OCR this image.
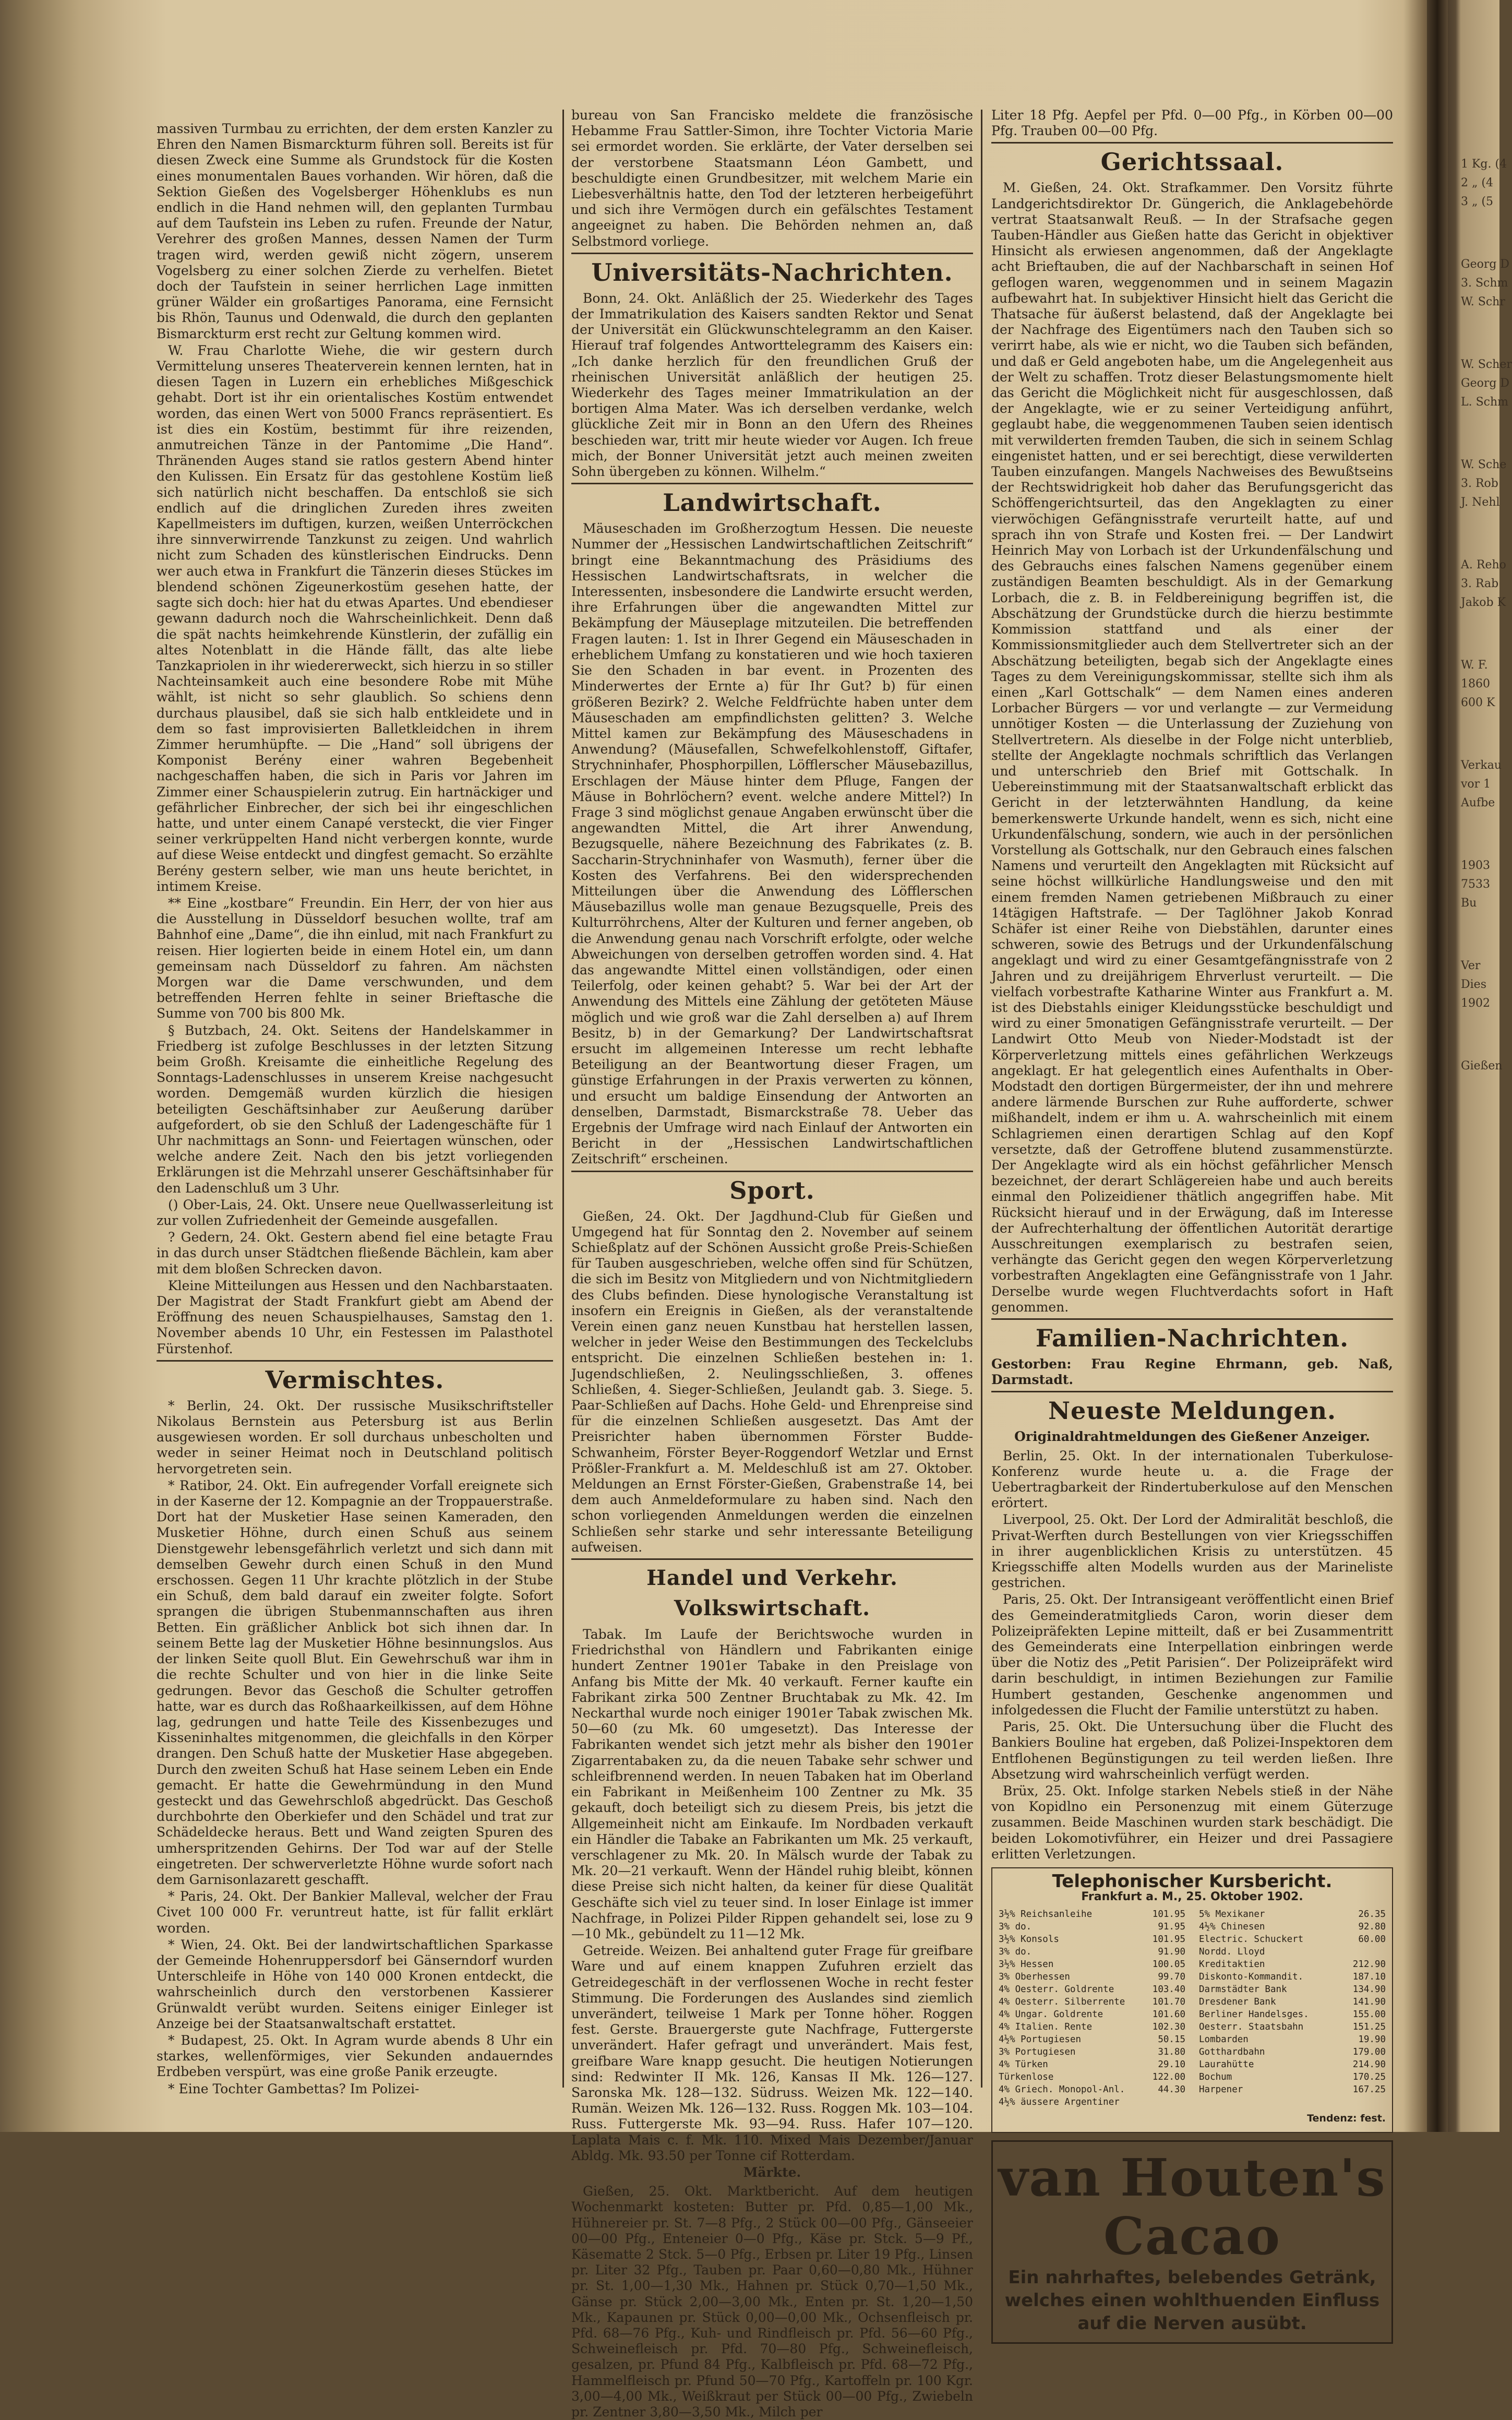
massiven Turmbau zu errichten, der dem ersten Kanzler zu Ehren den Namen Bismarckturm führen soll. Bereits ist für diesen Zweck eine Summe als Grundstock für die Kosten eines monumentalen Baues vorhanden. Wir hören, daß die Sektion Gießen des Vogelsberger Höhenklubs es nun endlich in die Hand nehmen will, den geplanten Turmbau auf dem Taufstein ins Leben zu rufen. Freunde der Natur, Verehrer des großen Mannes, dessen Namen der Turm tragen wird, werden gewiß nicht zögern, unserem Vogelsberg zu einer solchen Zierde zu verhelfen. Bietet doch der Taufstein in seiner herrlichen Lage inmitten grüner Wälder ein großartiges Panorama, eine Fernsicht bis Rhön, Taunus und Odenwald, die durch den geplanten Bismarckturm erst recht zur Geltung kommen wird.

W. Frau Charlotte Wiehe, die wir gestern durch Vermittelung unseres Theaterverein kennen lernten, hat in diesen Tagen in Luzern ein erhebliches Mißgeschick gehabt. Dort ist ihr ein orientalisches Kostüm entwendet worden, das einen Wert von 5000 Francs repräsentiert. Es ist dies ein Kostüm, bestimmt für ihre reizenden, anmutreichen Tänze in der Pantomime „Die Hand“. Thränenden Auges stand sie ratlos gestern Abend hinter den Kulissen. Ein Ersatz für das gestohlene Kostüm ließ sich natürlich nicht beschaffen. Da entschloß sie sich endlich auf die dringlichen Zureden ihres zweiten Kapellmeisters im duftigen, kurzen, weißen Unterröckchen ihre sinnverwirrende Tanzkunst zu zeigen. Und wahrlich nicht zum Schaden des künstlerischen Eindrucks. Denn wer auch etwa in Frankfurt die Tänzerin dieses Stückes im blendend schönen Zigeunerkostüm gesehen hatte, der sagte sich doch: hier hat du etwas Apartes. Und ebendieser gewann dadurch noch die Wahrscheinlichkeit. Denn daß die spät nachts heimkehrende Künstlerin, der zufällig ein altes Notenblatt in die Hände fällt, das alte liebe Tanzkapriolen in ihr wiedererweckt, sich hierzu in so stiller Nachteinsamkeit auch eine besondere Robe mit Mühe wählt, ist nicht so sehr glaublich. So schiens denn durchaus plausibel, daß sie sich halb entkleidete und in dem so fast improvisierten Balletkleidchen in ihrem Zimmer herumhüpfte. — Die „Hand“ soll übrigens der Komponist Berény einer wahren Begebenheit nachgeschaffen haben, die sich in Paris vor Jahren im Zimmer einer Schauspielerin zutrug. Ein hartnäckiger und gefährlicher Einbrecher, der sich bei ihr eingeschlichen hatte, und unter einem Canapé versteckt, die vier Finger seiner verkrüppelten Hand nicht verbergen konnte, wurde auf diese Weise entdeckt und dingfest gemacht. So erzählte Berény gestern selber, wie man uns heute berichtet, in intimem Kreise.

** Eine „kostbare“ Freundin. Ein Herr, der von hier aus die Ausstellung in Düsseldorf besuchen wollte, traf am Bahnhof eine „Dame“, die ihn einlud, mit nach Frankfurt zu reisen. Hier logierten beide in einem Hotel ein, um dann gemeinsam nach Düsseldorf zu fahren. Am nächsten Morgen war die Dame verschwunden, und dem betreffenden Herren fehlte in seiner Brieftasche die Summe von 700 bis 800 Mk.

§ Butzbach, 24. Okt. Seitens der Handelskammer in Friedberg ist zufolge Beschlusses in der letzten Sitzung beim Großh. Kreisamte die einheitliche Regelung des Sonntags-Ladenschlusses in unserem Kreise nachgesucht worden. Demgemäß wurden kürzlich die hiesigen beteiligten Geschäftsinhaber zur Aeußerung darüber aufgefordert, ob sie den Schluß der Ladengeschäfte für 1 Uhr nachmittags an Sonn- und Feiertagen wünschen, oder welche andere Zeit. Nach den bis jetzt vorliegenden Erklärungen ist die Mehrzahl unserer Geschäftsinhaber für den Ladenschluß um 3 Uhr.

() Ober-Lais, 24. Okt. Unsere neue Quellwasserleitung ist zur vollen Zufriedenheit der Gemeinde ausgefallen.

? Gedern, 24. Okt. Gestern abend fiel eine betagte Frau in das durch unser Städtchen fließende Bächlein, kam aber mit dem bloßen Schrecken davon.

Kleine Mitteilungen aus Hessen und den Nachbarstaaten. Der Magistrat der Stadt Frankfurt giebt am Abend der Eröffnung des neuen Schauspielhauses, Samstag den 1. November abends 10 Uhr, ein Festessen im Palasthotel Fürstenhof.

Vermischtes.

* Berlin, 24. Okt. Der russische Musikschriftsteller Nikolaus Bernstein aus Petersburg ist aus Berlin ausgewiesen worden. Er soll durchaus unbescholten und weder in seiner Heimat noch in Deutschland politisch hervorgetreten sein.

* Ratibor, 24. Okt. Ein aufregender Vorfall ereignete sich in der Kaserne der 12. Kompagnie an der Troppauerstraße. Dort hat der Musketier Hase seinen Kameraden, den Musketier Höhne, durch einen Schuß aus seinem Dienstgewehr lebensgefährlich verletzt und sich dann mit demselben Gewehr durch einen Schuß in den Mund erschossen. Gegen 11 Uhr krachte plötzlich in der Stube ein Schuß, dem bald darauf ein zweiter folgte. Sofort sprangen die übrigen Stubenmannschaften aus ihren Betten. Ein gräßlicher Anblick bot sich ihnen dar. In seinem Bette lag der Musketier Höhne besinnungslos. Aus der linken Seite quoll Blut. Ein Gewehrschuß war ihm in die rechte Schulter und von hier in die linke Seite gedrungen. Bevor das Geschoß die Schulter getroffen hatte, war es durch das Roßhaarkeilkissen, auf dem Höhne lag, gedrungen und hatte Teile des Kissenbezuges und Kisseninhaltes mitgenommen, die gleichfalls in den Körper drangen. Den Schuß hatte der Musketier Hase abgegeben. Durch den zweiten Schuß hat Hase seinem Leben ein Ende gemacht. Er hatte die Gewehrmündung in den Mund gesteckt und das Gewehrschloß abgedrückt. Das Geschoß durchbohrte den Oberkiefer und den Schädel und trat zur Schädeldecke heraus. Bett und Wand zeigten Spuren des umherspritzenden Gehirns. Der Tod war auf der Stelle eingetreten. Der schwerverletzte Höhne wurde sofort nach dem Garnisonlazarett geschafft.

* Paris, 24. Okt. Der Bankier Malleval, welcher der Frau Civet 100 000 Fr. veruntreut hatte, ist für fallit erklärt worden.

* Wien, 24. Okt. Bei der landwirtschaftlichen Sparkasse der Gemeinde Hohenruppersdorf bei Gänserndorf wurden Unterschleife in Höhe von 140 000 Kronen entdeckt, die wahrscheinlich durch den verstorbenen Kassierer Grünwaldt verübt wurden. Seitens einiger Einleger ist Anzeige bei der Staatsanwaltschaft erstattet.

* Budapest, 25. Okt. In Agram wurde abends 8 Uhr ein starkes, wellenförmiges, vier Sekunden andauerndes Erdbeben verspürt, was eine große Panik erzeugte.

* Eine Tochter Gambettas? Im Polizei-

bureau von San Francisko meldete die französische Hebamme Frau Sattler-Simon, ihre Tochter Victoria Marie sei ermordet worden. Sie erklärte, der Vater derselben sei der verstorbene Staatsmann Léon Gambett, und beschuldigte einen Grundbesitzer, mit welchem Marie ein Liebesverhältnis hatte, den Tod der letzteren herbeigeführt und sich ihre Vermögen durch ein gefälschtes Testament angeeignet zu haben. Die Behörden nehmen an, daß Selbstmord vorliege.

Universitäts-Nachrichten.

Bonn, 24. Okt. Anläßlich der 25. Wiederkehr des Tages der Immatrikulation des Kaisers sandten Rektor und Senat der Universität ein Glückwunschtelegramm an den Kaiser. Hierauf traf folgendes Antworttelegramm des Kaisers ein: „Ich danke herzlich für den freundlichen Gruß der rheinischen Universität anläßlich der heutigen 25. Wiederkehr des Tages meiner Immatrikulation an der bortigen Alma Mater. Was ich derselben verdanke, welch glückliche Zeit mir in Bonn an den Ufern des Rheines beschieden war, tritt mir heute wieder vor Augen. Ich freue mich, der Bonner Universität jetzt auch meinen zweiten Sohn übergeben zu können. Wilhelm.“

Landwirtschaft.

Mäuseschaden im Großherzogtum Hessen. Die neueste Nummer der „Hessischen Landwirtschaftlichen Zeitschrift“ bringt eine Bekanntmachung des Präsidiums des Hessischen Landwirtschaftsrats, in welcher die Interessenten, insbesondere die Landwirte ersucht werden, ihre Erfahrungen über die angewandten Mittel zur Bekämpfung der Mäuseplage mitzuteilen. Die betreffenden Fragen lauten: 1. Ist in Ihrer Gegend ein Mäuseschaden in erheblichem Umfang zu konstatieren und wie hoch taxieren Sie den Schaden in bar event. in Prozenten des Minderwertes der Ernte a) für Ihr Gut? b) für einen größeren Bezirk? 2. Welche Feldfrüchte haben unter dem Mäuseschaden am empfindlichsten gelitten? 3. Welche Mittel kamen zur Bekämpfung des Mäuseschadens in Anwendung? (Mäusefallen, Schwefelkohlenstoff, Giftafer, Strychninhafer, Phosphorpillen, Löfflerscher Mäusebazillus, Erschlagen der Mäuse hinter dem Pfluge, Fangen der Mäuse in Bohrlöchern? event. welche andere Mittel?) In Frage 3 sind möglichst genaue Angaben erwünscht über die angewandten Mittel, die Art ihrer Anwendung, Bezugsquelle, nähere Bezeichnung des Fabrikates (z. B. Saccharin-Strychninhafer von Wasmuth), ferner über die Kosten des Verfahrens. Bei den widersprechenden Mitteilungen über die Anwendung des Löfflerschen Mäusebazillus wolle man genaue Bezugsquelle, Preis des Kulturröhrchens, Alter der Kulturen und ferner angeben, ob die Anwendung genau nach Vorschrift erfolgte, oder welche Abweichungen von derselben getroffen worden sind. 4. Hat das angewandte Mittel einen vollständigen, oder einen Teilerfolg, oder keinen gehabt? 5. War bei der Art der Anwendung des Mittels eine Zählung der getöteten Mäuse möglich und wie groß war die Zahl derselben a) auf Ihrem Besitz, b) in der Gemarkung? Der Landwirtschaftsrat ersucht im allgemeinen Interesse um recht lebhafte Beteiligung an der Beantwortung dieser Fragen, um günstige Erfahrungen in der Praxis verwerten zu können, und ersucht um baldige Einsendung der Antworten an denselben, Darmstadt, Bismarckstraße 78. Ueber das Ergebnis der Umfrage wird nach Einlauf der Antworten ein Bericht in der „Hessischen Landwirtschaftlichen Zeitschrift“ erscheinen.

Sport.

Gießen, 24. Okt. Der Jagdhund-Club für Gießen und Umgegend hat für Sonntag den 2. November auf seinem Schießplatz auf der Schönen Aussicht große Preis-Schießen für Tauben ausgeschrieben, welche offen sind für Schützen, die sich im Besitz von Mitgliedern und von Nichtmitgliedern des Clubs befinden. Diese hynologische Veranstaltung ist insofern ein Ereignis in Gießen, als der veranstaltende Verein einen ganz neuen Kunstbau hat herstellen lassen, welcher in jeder Weise den Bestimmungen des Teckelclubs entspricht. Die einzelnen Schließen bestehen in: 1. Jugendschließen, 2. Neulingsschließen, 3. offenes Schließen, 4. Sieger-Schließen, Jeulandt gab. 3. Siege. 5. Paar-Schließen auf Dachs. Hohe Geld- und Ehrenpreise sind für die einzelnen Schließen ausgesetzt. Das Amt der Preisrichter haben übernommen Förster Budde-Schwanheim, Förster Beyer-Roggendorf Wetzlar und Ernst Prößler-Frankfurt a. M. Meldeschluß ist am 27. Oktober. Meldungen an Ernst Förster-Gießen, Grabenstraße 14, bei dem auch Anmeldeformulare zu haben sind. Nach den schon vorliegenden Anmeldungen werden die einzelnen Schließen sehr starke und sehr interessante Beteiligung aufweisen.

Handel und Verkehr. Volkswirtschaft.

Tabak. Im Laufe der Berichtswoche wurden in Friedrichsthal von Händlern und Fabrikanten einige hundert Zentner 1901er Tabake in den Preislage von Anfang bis Mitte der Mk. 40 verkauft. Ferner kaufte ein Fabrikant zirka 500 Zentner Bruchtabak zu Mk. 42. Im Neckarthal wurde noch einiger 1901er Tabak zwischen Mk. 50—60 (zu Mk. 60 umgesetzt). Das Interesse der Fabrikanten wendet sich jetzt mehr als bisher den 1901er Zigarrentabaken zu, da die neuen Tabake sehr schwer und schleifbrennend werden. In neuen Tabaken hat im Oberland ein Fabrikant in Meißenheim 100 Zentner zu Mk. 35 gekauft, doch beteiligt sich zu diesem Preis, bis jetzt die Allgemeinheit nicht am Einkaufe. Im Nordbaden verkauft ein Händler die Tabake an Fabrikanten um Mk. 25 verkauft, verschlagener zu Mk. 20. In Mälsch wurde der Tabak zu Mk. 20—21 verkauft. Wenn der Händel ruhig bleibt, können diese Preise sich nicht halten, da keiner für diese Qualität Geschäfte sich viel zu teuer sind. In loser Einlage ist immer Nachfrage, in Polizei Pilder Rippen gehandelt sei, lose zu 9—10 Mk., gebündelt zu 11—12 Mk.

Getreide. Weizen. Bei anhaltend guter Frage für greifbare Ware und auf einem knappen Zufuhren erzielt das Getreidegeschäft in der verflossenen Woche in recht fester Stimmung. Die Forderungen des Auslandes sind ziemlich unverändert, teilweise 1 Mark per Tonne höher. Roggen fest. Gerste. Brauergerste gute Nachfrage, Futtergerste unverändert. Hafer gefragt und unverändert. Mais fest, greifbare Ware knapp gesucht. Die heutigen Notierungen sind: Redwinter II Mk. 126, Kansas II Mk. 126—127. Saronska Mk. 128—132. Südruss. Weizen Mk. 122—140. Rumän. Weizen Mk. 126—132. Russ. Roggen Mk. 103—104. Russ. Futtergerste Mk. 93—94. Russ. Hafer 107—120. Laplata Mais c. f. Mk. 110. Mixed Mais Dezember/Januar Abldg. Mk. 93.50 per Tonne cif Rotterdam.

Märkte.

Gießen, 25. Okt. Marktbericht. Auf dem heutigen Wochenmarkt kosteten: Butter pr. Pfd. 0,85—1,00 Mk., Hühnereier pr. St. 7—8 Pfg., 2 Stück 00—00 Pfg., Gänseeier 00—00 Pfg., Enteneier 0—0 Pfg., Käse pr. Stck. 5—9 Pf., Käsematte 2 Stck. 5—0 Pfg., Erbsen pr. Liter 19 Pfg., Linsen pr. Liter 32 Pfg., Tauben pr. Paar 0,60—0,80 Mk., Hühner pr. St. 1,00—1,30 Mk., Hahnen pr. Stück 0,70—1,50 Mk., Gänse pr. Stück 2,00—3,00 Mk., Enten pr. St. 1,20—1,50 Mk., Kapaunen pr. Stück 0,00—0,00 Mk., Ochsenfleisch pr. Pfd. 68—76 Pfg., Kuh- und Rindfleisch pr. Pfd. 56—60 Pfg., Schweinefleisch pr. Pfd. 70—80 Pfg., Schweinefleisch, gesalzen, pr. Pfund 84 Pfg., Kalbfleisch pr. Pfd. 68—72 Pfg., Hammelfleisch pr. Pfund 50—70 Pfg., Kartoffeln pr. 100 Kgr. 3,00—4,00 Mk., Weißkraut per Stück 00—00 Pfg., Zwiebeln pr. Zentner 3,80—3,50 Mk., Milch per

Liter 18 Pfg. Aepfel per Pfd. 0—00 Pfg., in Körben 00—00 Pfg. Trauben 00—00 Pfg.

Gerichtssaal.

M. Gießen, 24. Okt. Strafkammer. Den Vorsitz führte Landgerichtsdirektor Dr. Güngerich, die Anklagebehörde vertrat Staatsanwalt Reuß. — In der Strafsache gegen Tauben-Händler aus Gießen hatte das Gericht in objektiver Hinsicht als erwiesen angenommen, daß der Angeklagte acht Brieftauben, die auf der Nachbarschaft in seinen Hof geflogen waren, weggenommen und in seinem Magazin aufbewahrt hat. In subjektiver Hinsicht hielt das Gericht die Thatsache für äußerst belastend, daß der Angeklagte bei der Nachfrage des Eigentümers nach den Tauben sich so verirrt habe, als wie er nicht, wo die Tauben sich befänden, und daß er Geld angeboten habe, um die Angelegenheit aus der Welt zu schaffen. Trotz dieser Belastungsmomente hielt das Gericht die Möglichkeit nicht für ausgeschlossen, daß der Angeklagte, wie er zu seiner Verteidigung anführt, geglaubt habe, die weggenommenen Tauben seien identisch mit verwilderten fremden Tauben, die sich in seinem Schlag eingenistet hatten, und er sei berechtigt, diese verwilderten Tauben einzufangen. Mangels Nachweises des Bewußtseins der Rechtswidrigkeit hob daher das Berufungsgericht das Schöffengerichtsurteil, das den Angeklagten zu einer vierwöchigen Gefängnisstrafe verurteilt hatte, auf und sprach ihn von Strafe und Kosten frei. — Der Landwirt Heinrich May von Lorbach ist der Urkundenfälschung und des Gebrauchs eines falschen Namens gegenüber einem zuständigen Beamten beschuldigt. Als in der Gemarkung Lorbach, die z. B. in Feldbereinigung begriffen ist, die Abschätzung der Grundstücke durch die hierzu bestimmte Kommission stattfand und als einer der Kommissionsmitglieder auch dem Stellvertreter sich an der Abschätzung beteiligten, begab sich der Angeklagte eines Tages zu dem Vereinigungskommissar, stellte sich ihm als einen „Karl Gottschalk“ — dem Namen eines anderen Lorbacher Bürgers — vor und verlangte — zur Vermeidung unnötiger Kosten — die Unterlassung der Zuziehung von Stellvertretern. Als dieselbe in der Folge nicht unterblieb, stellte der Angeklagte nochmals schriftlich das Verlangen und unterschrieb den Brief mit Gottschalk. In Uebereinstimmung mit der Staatsanwaltschaft erblickt das Gericht in der letzterwähnten Handlung, da keine bemerkenswerte Urkunde handelt, wenn es sich, nicht eine Urkundenfälschung, sondern, wie auch in der persönlichen Vorstellung als Gottschalk, nur den Gebrauch eines falschen Namens und verurteilt den Angeklagten mit Rücksicht auf seine höchst willkürliche Handlungsweise und den mit einem fremden Namen getriebenen Mißbrauch zu einer 14tägigen Haftstrafe. — Der Taglöhner Jakob Konrad Schäfer ist einer Reihe von Diebstählen, darunter eines schweren, sowie des Betrugs und der Urkundenfälschung angeklagt und wird zu einer Gesamtgefängnisstrafe von 2 Jahren und zu dreijährigem Ehrverlust verurteilt. — Die vielfach vorbestrafte Katharine Winter aus Frankfurt a. M. ist des Diebstahls einiger Kleidungsstücke beschuldigt und wird zu einer 5monatigen Gefängnisstrafe verurteilt. — Der Landwirt Otto Meub von Nieder-Modstadt ist der Körperverletzung mittels eines gefährlichen Werkzeugs angeklagt. Er hat gelegentlich eines Aufenthalts in Ober-Modstadt den dortigen Bürgermeister, der ihn und mehrere andere lärmende Burschen zur Ruhe aufforderte, schwer mißhandelt, indem er ihm u. A. wahrscheinlich mit einem Schlagriemen einen derartigen Schlag auf den Kopf versetzte, daß der Getroffene blutend zusammenstürzte. Der Angeklagte wird als ein höchst gefährlicher Mensch bezeichnet, der derart Schlägereien habe und auch bereits einmal den Polizeidiener thätlich angegriffen habe. Mit Rücksicht hierauf und in der Erwägung, daß im Interesse der Aufrechterhaltung der öffentlichen Autorität derartige Ausschreitungen exemplarisch zu bestrafen seien, verhängte das Gericht gegen den wegen Körperverletzung vorbestraften Angeklagten eine Gefängnisstrafe von 1 Jahr. Derselbe wurde wegen Fluchtverdachts sofort in Haft genommen.

Familien-Nachrichten.

Gestorben: Frau Regine Ehrmann, geb. Naß, Darmstadt.

Neueste Meldungen.
Originaldrahtmeldungen des Gießener Anzeiger.

Berlin, 25. Okt. In der internationalen Tuberkulose-Konferenz wurde heute u. a. die Frage der Uebertragbarkeit der Rindertuberkulose auf den Menschen erörtert.

Liverpool, 25. Okt. Der Lord der Admiralität beschloß, die Privat-Werften durch Bestellungen von vier Kriegsschiffen in ihrer augenblicklichen Krisis zu unterstützen. 45 Kriegsschiffe alten Modells wurden aus der Marineliste gestrichen.

Paris, 25. Okt. Der Intransigeant veröffentlicht einen Brief des Gemeinderatmitglieds Caron, worin dieser dem Polizeipräfekten Lepine mitteilt, daß er bei Zusammentritt des Gemeinderats eine Interpellation einbringen werde über die Notiz des „Petit Parisien“. Der Polizeipräfekt wird darin beschuldigt, in intimen Beziehungen zur Familie Humbert gestanden, Geschenke angenommen und infolgedessen die Flucht der Familie unterstützt zu haben.

Paris, 25. Okt. Die Untersuchung über die Flucht des Bankiers Bouline hat ergeben, daß Polizei-Inspektoren dem Entflohenen Begünstigungen zu teil werden ließen. Ihre Absetzung wird wahrscheinlich verfügt werden.

Brüx, 25. Okt. Infolge starken Nebels stieß in der Nähe von Kopidlno ein Personenzug mit einem Güterzuge zusammen. Beide Maschinen wurden stark beschädigt. Die beiden Lokomotivführer, ein Heizer und drei Passagiere erlitten Verletzungen.

Telephonischer Kursbericht.
Frankfurt a. M., 25. Oktober 1902.
3½% Reichsanleihe	101.95
3% do.	91.95
3½% Konsols	101.95
3% do.	91.90
3½% Hessen	100.05
3% Oberhessen	99.70
4% Oesterr. Goldrente	103.40
4% Oesterr. Silberrente	101.70
4% Ungar. Goldrente	101.60
4% Italien. Rente	102.30
4½% Portugiesen	50.15
3% Portugiesen	31.80
4% Türken	29.10
Türkenlose	122.00
4% Griech. Monopol-Anl.	44.30
4½% äussere Argentiner
5% Mexikaner	26.35
4½% Chinesen	92.80
Electric. Schuckert	60.00
Nordd. Lloyd
Kreditaktien	212.90
Diskonto-Kommandit.	187.10
Darmstädter Bank	134.90
Dresdener Bank	141.90
Berliner Handelsges.	155.00
Oesterr. Staatsbahn	151.25
Lombarden	19.90
Gotthardbahn	179.00
Laurahütte	214.90
Bochum	170.25
Harpener	167.25
Tendenz: fest.
van Houten's Cacao
Ein nahrhaftes, belebendes Getränk,
welches einen wohlthuenden Einfluss
auf die Nerven ausübt.
1 Kg. (4
2 „ (4
3 „ (5
Georg D
3. Schm
W. Schr
W. Scher
Georg D
L. Schm
W. Sche
3. Rob
J. Nehl
A. Reho
3. Rab
Jakob K
W. F.
1860
600 K
Verkau
vor 1
Aufbe
1903
7533
Bu
Ver
Dies
1902
Gießen
